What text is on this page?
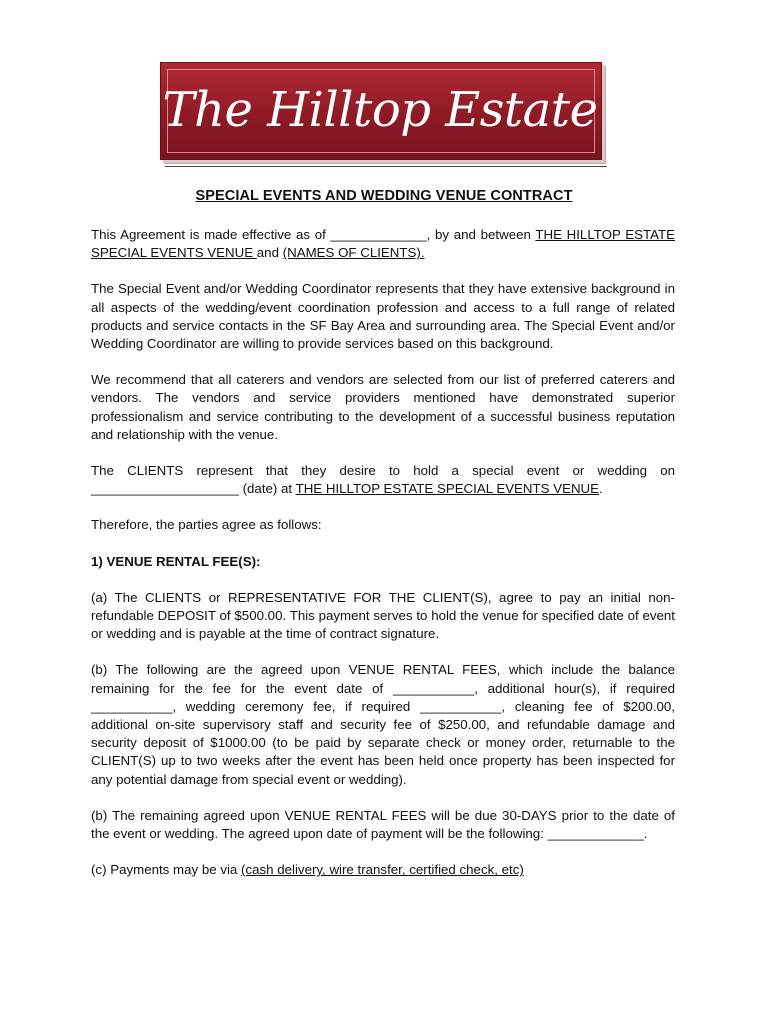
The Hilltop Estate
SPECIAL EVENTS AND WEDDING VENUE CONTRACT

This Agreement is made effective as of _____________, by and between THE HILLTOP ESTATE SPECIAL EVENTS VENUE and (NAMES OF CLIENTS).

The Special Event and/or Wedding Coordinator represents that they have extensive background in all aspects of the wedding/event coordination profession and access to a full range of related products and service contacts in the SF Bay Area and surrounding area. The Special Event and/or Wedding Coordinator are willing to provide services based on this background.

We recommend that all caterers and vendors are selected from our list of preferred caterers and vendors. The vendors and service providers mentioned have demonstrated superior professionalism and service contributing to the development of a successful business reputation and relationship with the venue.

The CLIENTS represent that they desire to hold a special event or wedding on ____________________ (date) at THE HILLTOP ESTATE SPECIAL EVENTS VENUE.

Therefore, the parties agree as follows:

1) VENUE RENTAL FEE(S):

(a) The CLIENTS or REPRESENTATIVE FOR THE CLIENT(S), agree to pay an initial non-refundable DEPOSIT of $500.00. This payment serves to hold the venue for specified date of event or wedding and is payable at the time of contract signature.

(b) The following are the agreed upon VENUE RENTAL FEES, which include the balance remaining for the fee for the event date of ___________, additional hour(s), if required ___________, wedding ceremony fee, if required ___________, cleaning fee of $200.00, additional on-site supervisory staff and security fee of $250.00, and refundable damage and security deposit of $1000.00 (to be paid by separate check or money order, returnable to the CLIENT(S) up to two weeks after the event has been held once property has been inspected for any potential damage from special event or wedding).

(b) The remaining agreed upon VENUE RENTAL FEES will be due 30-DAYS prior to the date of the event or wedding. The agreed upon date of payment will be the following: _____________.

(c) Payments may be via (cash delivery, wire transfer, certified check, etc)
